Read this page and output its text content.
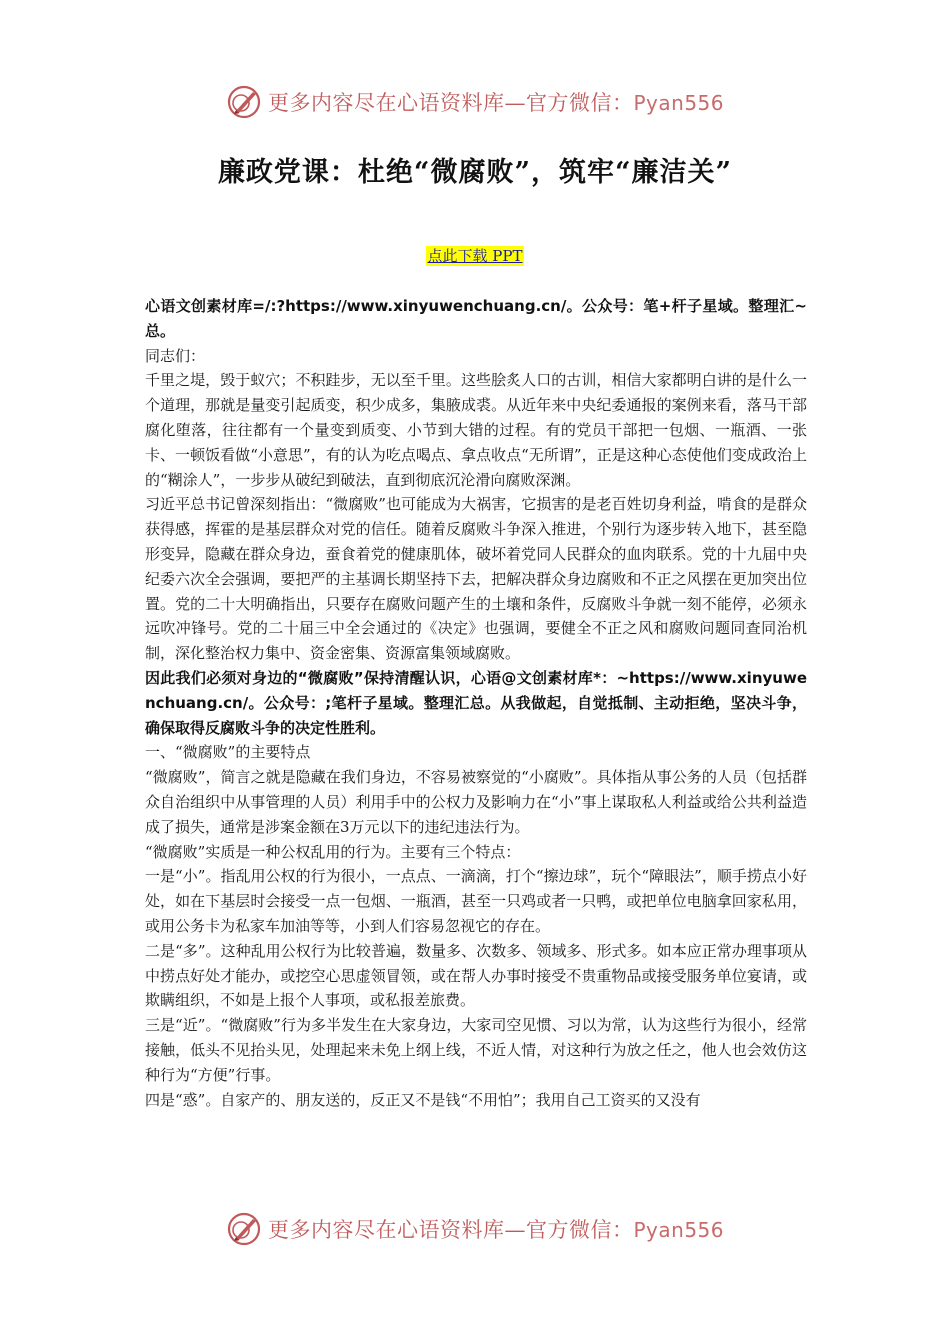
更多内容尽在心语资料库—官方微信：Pyan556
廉政党课：杜绝“微腐败”，筑牢“廉洁关”
点此下载 PPT

心语文创素材库=/:?https://www.xinyuwenchuang.cn/。公众号：笔+杆子星域。整理汇~总。

同志们：

千里之堤，毁于蚁穴；不积跬步，无以至千里。这些脍炙人口的古训，相信大家都明白讲的是什么一个道理，那就是量变引起质变，积少成多，集腋成裘。从近年来中央纪委通报的案例来看，落马干部腐化堕落，往往都有一个量变到质变、小节到大错的过程。有的党员干部把一包烟、一瓶酒、一张卡、一顿饭看做“小意思”，有的认为吃点喝点、拿点收点“无所谓”，正是这种心态使他们变成政治上的“糊涂人”，一步步从破纪到破法，直到彻底沉沦滑向腐败深渊。

习近平总书记曾深刻指出：“微腐败”也可能成为大祸害，它损害的是老百姓切身利益，啃食的是群众获得感，挥霍的是基层群众对党的信任。随着反腐败斗争深入推进，个别行为逐步转入地下，甚至隐形变异，隐藏在群众身边，蚕食着党的健康肌体，破坏着党同人民群众的血肉联系。党的十九届中央纪委六次全会强调，要把严的主基调长期坚持下去，把解决群众身边腐败和不正之风摆在更加突出位置。党的二十大明确指出，只要存在腐败问题产生的土壤和条件，反腐败斗争就一刻不能停，必须永远吹冲锋号。党的二十届三中全会通过的《决定》也强调，要健全不正之风和腐败问题同查同治机制，深化整治权力集中、资金密集、资源富集领域腐败。

因此我们必须对身边的“微腐败”保持清醒认识，心语@文创素材库*：~https://www.xinyuwenchuang.cn/。公众号：;笔杆子星域。整理汇总。从我做起，自觉抵制、主动拒绝，坚决斗争，确保取得反腐败斗争的决定性胜利。

一、“微腐败”的主要特点

“微腐败”，简言之就是隐藏在我们身边，不容易被察觉的“小腐败”。具体指从事公务的人员（包括群众自治组织中从事管理的人员）利用手中的公权力及影响力在“小”事上谋取私人利益或给公共利益造成了损失，通常是涉案金额在3万元以下的违纪违法行为。

“微腐败”实质是一种公权乱用的行为。主要有三个特点：

一是“小”。指乱用公权的行为很小，一点点、一滴滴，打个“擦边球”，玩个“障眼法”，顺手捞点小好处，如在下基层时会接受一点一包烟、一瓶酒，甚至一只鸡或者一只鸭，或把单位电脑拿回家私用，或用公务卡为私家车加油等等，小到人们容易忽视它的存在。

二是“多”。这种乱用公权行为比较普遍，数量多、次数多、领域多、形式多。如本应正常办理事项从中捞点好处才能办，或挖空心思虚领冒领，或在帮人办事时接受不贵重物品或接受服务单位宴请，或欺瞒组织，不如是上报个人事项，或私报差旅费。

三是“近”。“微腐败”行为多半发生在大家身边，大家司空见惯、习以为常，认为这些行为很小，经常接触，低头不见抬头见，处理起来未免上纲上线，不近人情，对这种行为放之任之，他人也会效仿这种行为“方便”行事。

四是“惑”。自家产的、朋友送的，反正又不是钱“不用怕”；我用自己工资买的又没有

更多内容尽在心语资料库—官方微信：Pyan556
